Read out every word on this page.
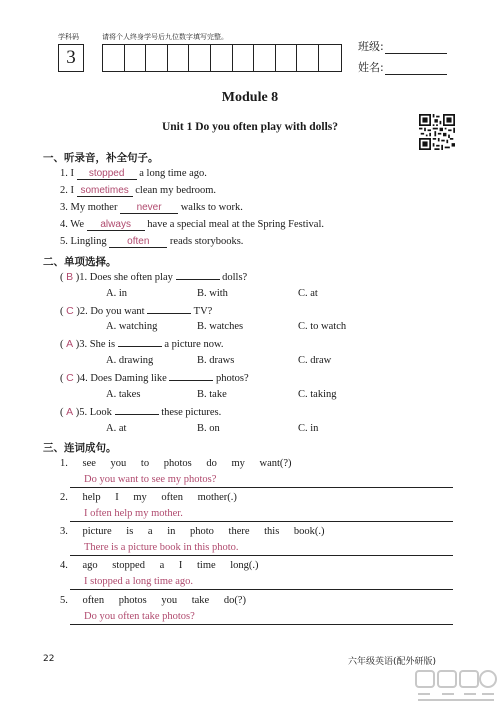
学科码	请将个人终身学号后九位数字填写完整。
3
班级:
姓名:
Module 8
Unit 1 Do you often play with dolls?
一、听录音，补全句子。
1. I stopped a long time ago.
2. I sometimes clean my bedroom.
3. My mother never walks to work.
4. We always have a special meal at the Spring Festival.
5. Lingling often reads storybooks.
二、单项选择。
( B )1. Does she often play	dolls?
A. in	B. with	C. at
( C )2. Do you want	TV?
A. watching	B. watches	C. to watch
( A )3. She is	a picture now.
A. drawing	B. draws	C. draw
( C )4. Does Daming like	photos?
A. takes	B. take	C. taking
( A )5. Look	these pictures.
A. at	B. on	C. in
三、连词成句。
1. see you to photos do my want(?)
Do you want to see my photos?
2. help I my often mother(.)
I often help my mother.
3. picture is a in photo there this book(.)
There is a picture book in this photo.
4. ago stopped a I time long(.)
I stopped a long time ago.
5. often photos you take do(?)
Do you often take photos?
22	六年级英语(配外研版)
